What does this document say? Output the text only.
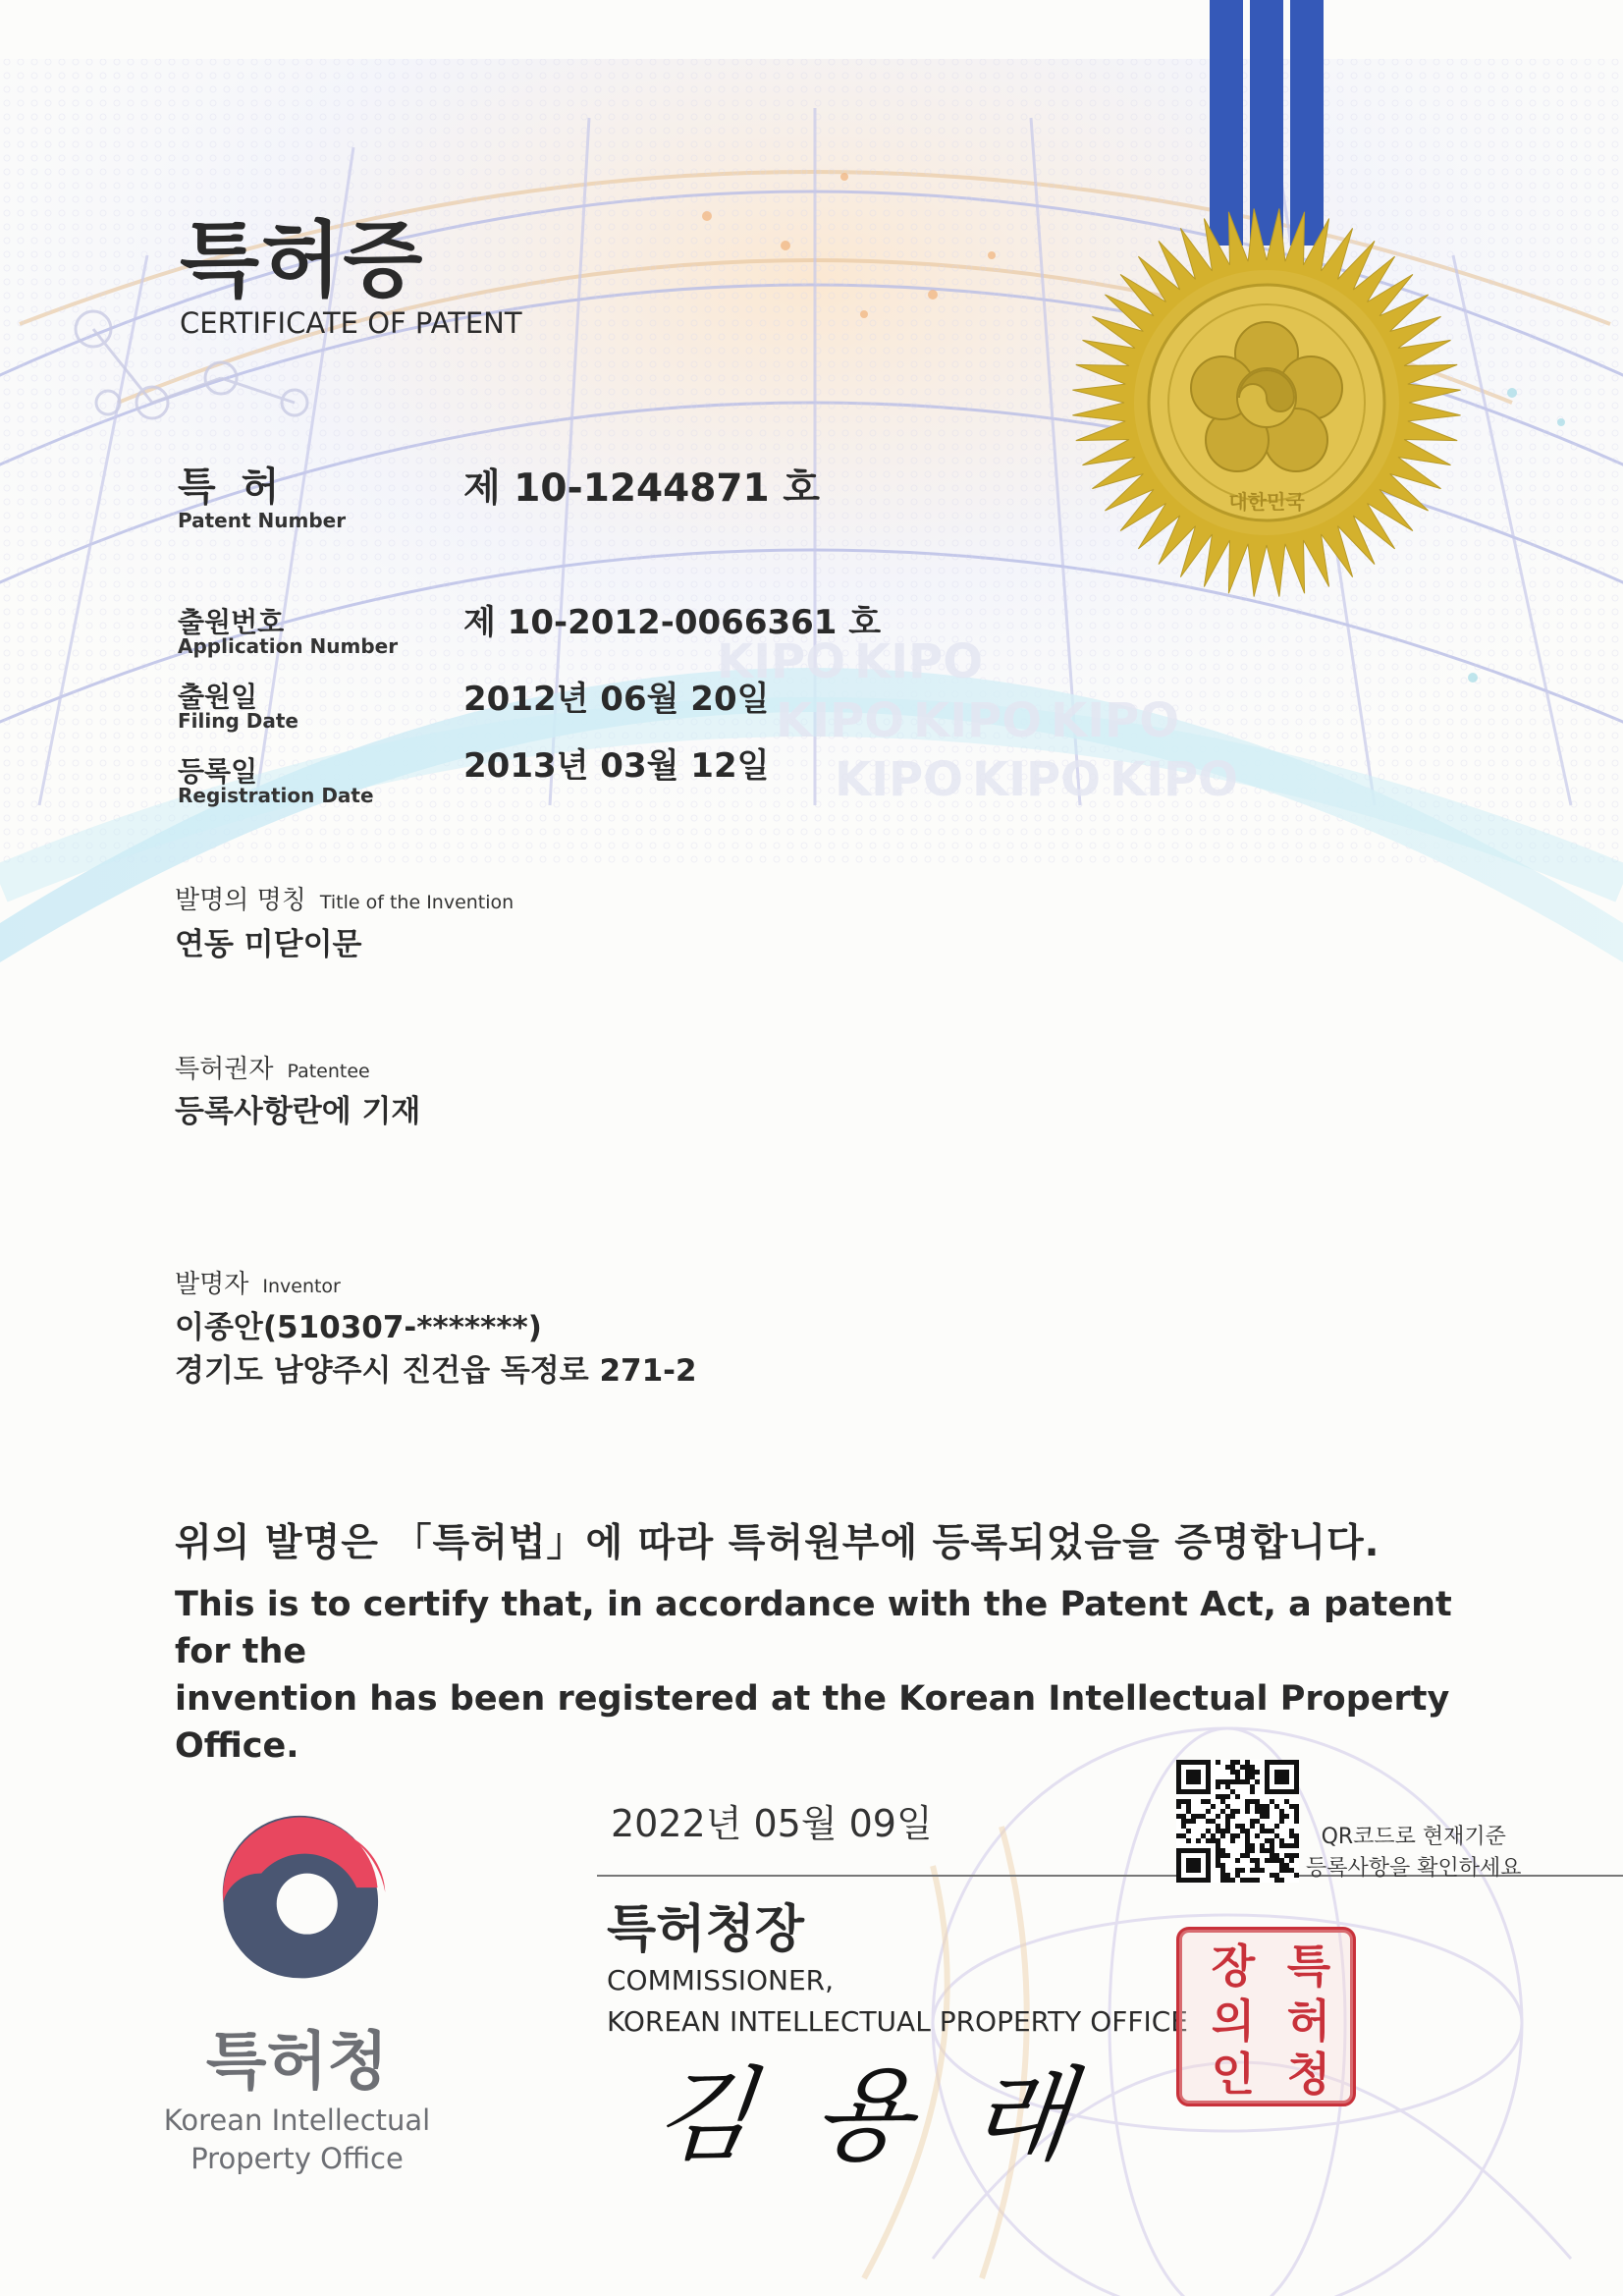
KIPO KIPO
KIPO KIPO KIPO
KIPO KIPO KIPO
대한민국
특허증
CERTIFICATE OF PATENT
특 허
Patent Number
제 10-1244871 호
출원번호
Application Number
제 10-2012-0066361 호
출원일
Filing Date
2012년 06월 20일
등록일
Registration Date
2013년 03월 12일
발명의 명칭 Title of the Invention
연동 미닫이문
특허권자 Patentee
등록사항란에 기재
발명자 Inventor
이종안(510307-*******)
경기도 남양주시 진건읍 독정로 271-2
위의 발명은 「특허법」에 따라 특허원부에 등록되었음을 증명합니다.
This is to certify that, in accordance with the Patent Act, a patent for the
invention has been registered at the Korean Intellectual Property Office.
특허청
Korean Intellectual
Property Office
2022년 05월 09일
특허청장
COMMISSIONER,
KOREAN INTELLECTUAL PROPERTY OFFICE
김 용 래
QR코드로 현재기준
등록사항을 확인하세요
특 허 청장 의 인
